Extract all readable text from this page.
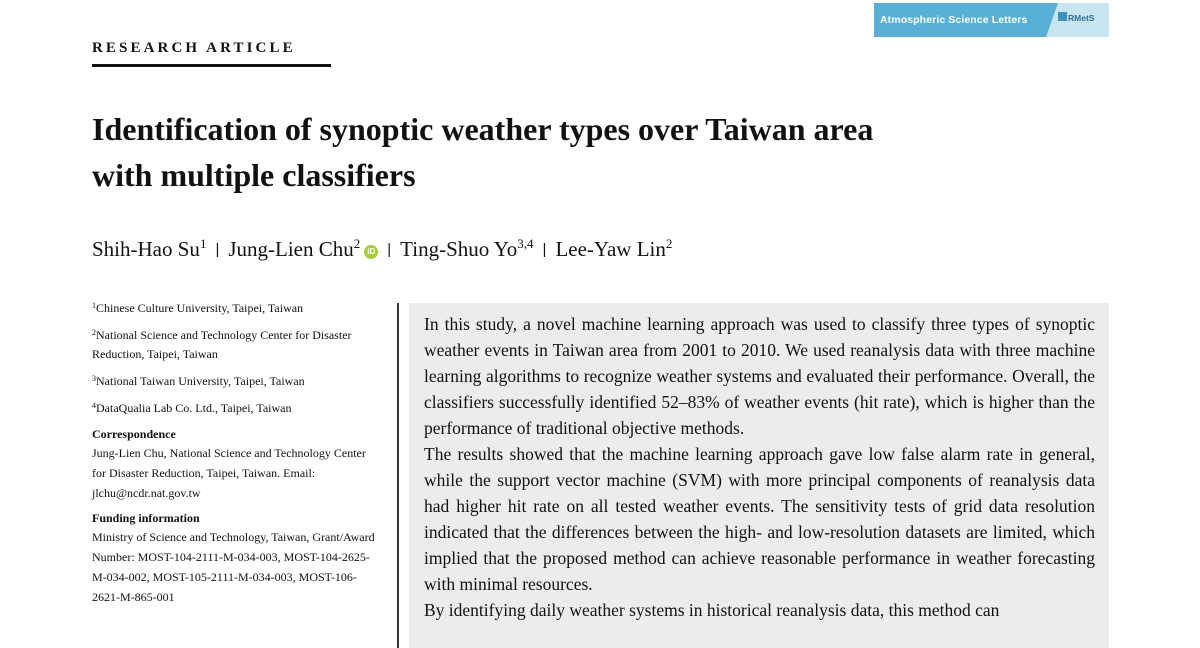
Atmospheric Science Letters	RMetS
RESEARCH ARTICLE
Identification of synoptic weather types over Taiwan area
with multiple classifiers
Shih-Hao Su$^1$ | Jung-Lien Chu$^2$iD | Ting-Shuo Yo$^{3,4}$ | Lee-Yaw Lin$^2$

$^1$Chinese Culture University, Taipei, Taiwan

$^2$National Science and Technology Center for Disaster Reduction, Taipei, Taiwan

$^3$National Taiwan University, Taipei, Taiwan

$^4$DataQualia Lab Co. Ltd., Taipei, Taiwan

Correspondence

Jung-Lien Chu, National Science and Technology Center for Disaster Reduction, Taipei, Taiwan. Email: jlchu@ncdr.nat.gov.tw

Funding information

Ministry of Science and Technology, Taiwan, Grant/Award Number: MOST-104-2111-M-034-003, MOST-104-2625-M-034-002, MOST-105-2111-M-034-003, MOST-106-2621-M-865-001

In this study, a novel machine learning approach was used to classify three types of synoptic weather events in Taiwan area from 2001 to 2010. We used reanalysis data with three machine learning algorithms to recognize weather systems and evaluated their performance. Overall, the classifiers successfully identified 52–83% of weather events (hit rate), which is higher than the performance of traditional objective methods.

The results showed that the machine learning approach gave low false alarm rate in general, while the support vector machine (SVM) with more principal components of reanalysis data had higher hit rate on all tested weather events. The sensitivity tests of grid data resolution indicated that the differences between the high- and low-resolution datasets are limited, which implied that the proposed method can achieve reasonable performance in weather forecasting with minimal resources.

By identifying daily weather systems in historical reanalysis data, this method can
